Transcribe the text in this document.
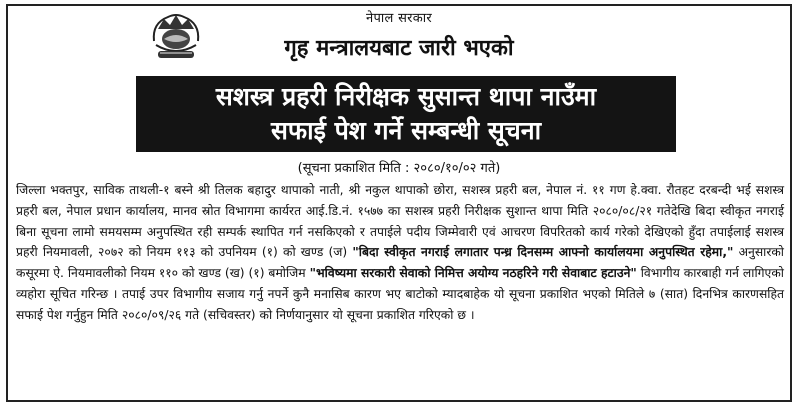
नेपाल सरकार
गृह मन्त्रालयबाट जारी भएको
सशस्त्र प्रहरी निरीक्षक सुसान्त थापा नाउँमा
सफाई पेश गर्ने सम्बन्धी सूचना
(सूचना प्रकाशित मिति : २०८०/१०/०२ गते)
जिल्ला भक्तपुर, साविक ताथली-१ बस्ने श्री तिलक बहादुर थापाको नाती, श्री नकुल थापाको छोरा, सशस्त्र प्रहरी बल, नेपाल नं. ११ गण हे.क्वा. रौतहट दरबन्दी भई सशस्त्र प्रहरी बल, नेपाल प्रधान कार्यालय, मानव स्रोत विभागमा कार्यरत आई.डि.नं. १५७७ का सशस्त्र प्रहरी निरीक्षक सुशान्त थापा मिति २०८०/०८/२१ गतेदेखि बिदा स्वीकृत नगराई बिना सूचना लामो समयसम्म अनुपस्थित रही सम्पर्क स्थापित गर्न नसकिएको र तपाईले पदीय जिम्मेवारी एवं आचरण विपरितको कार्य गरेको देखिएको हुँदा तपाईलाई सशस्त्र प्रहरी नियमावली, २०७२ को नियम ११३ को उपनियम (१) को खण्ड (ज) "बिदा स्वीकृत नगराई लगातार पन्ध्र दिनसम्म आफ्नो कार्यालयमा अनुपस्थित रहेमा," अनुसारको कसूरमा ऐ. नियमावलीको नियम ११० को खण्ड (ख) (१) बमोजिम "भविष्यमा सरकारी सेवाको निमित्त अयोग्य नठहरिने गरी सेवाबाट हटाउने" विभागीय कारबाही गर्न लागिएको व्यहोरा सूचित गरिन्छ । तपाई उपर विभागीय सजाय गर्नु नपर्ने कुनै मनासिब कारण भए बाटोको म्यादबाहेक यो सूचना प्रकाशित भएको मितिले ७ (सात) दिनभित्र कारणसहित सफाई पेश गर्नुहुन मिति २०८०/०९/२६ गते (सचिवस्तर) को निर्णयानुसार यो सूचना प्रकाशित गरिएको छ ।
